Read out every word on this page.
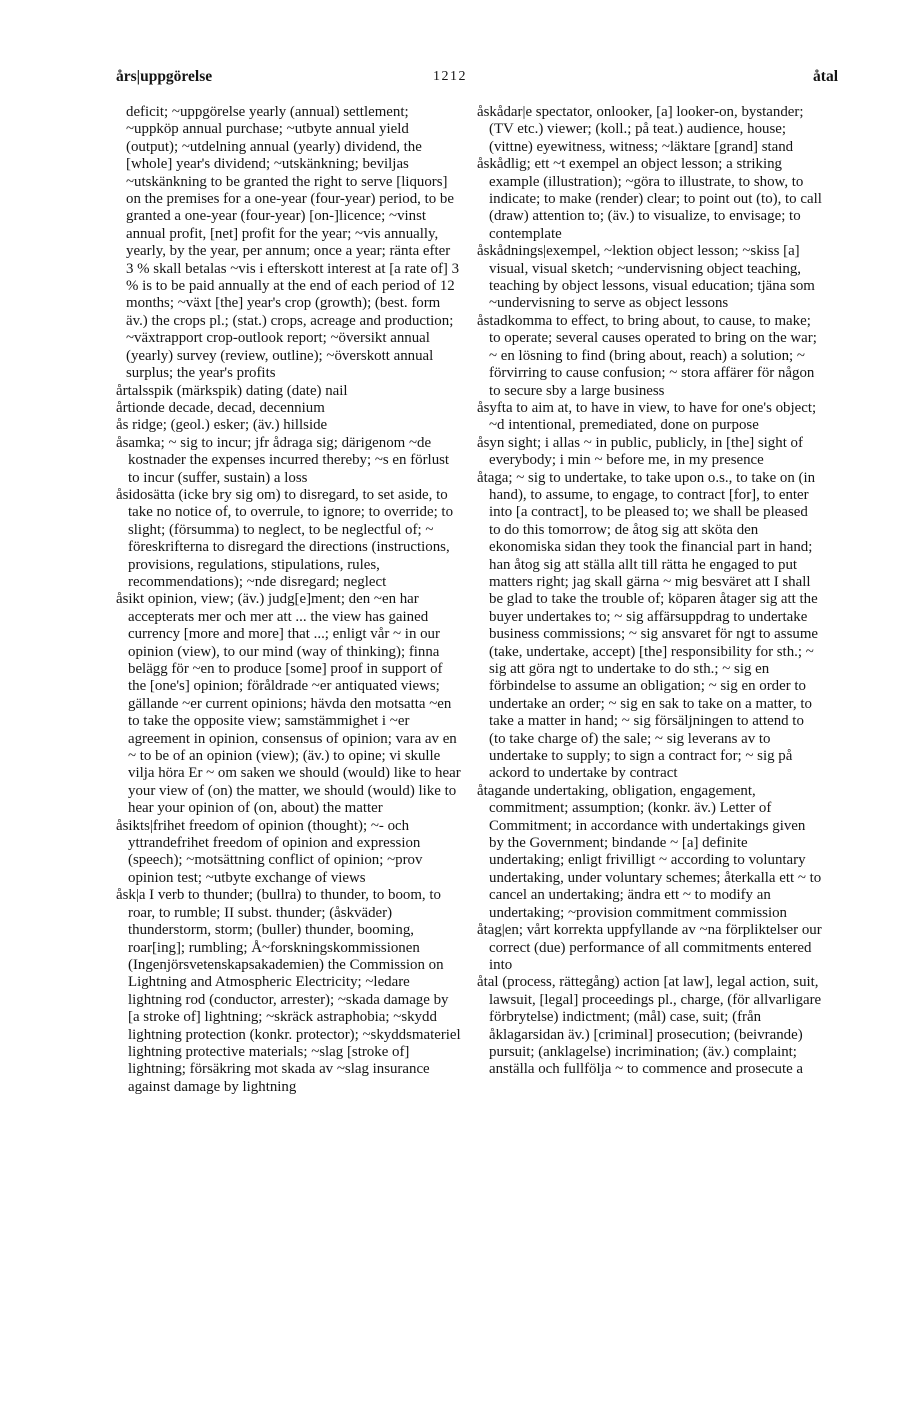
års|uppgörelse	1212	åtal

deficit; ~uppgörelse yearly (annual) settlement; ~uppköp annual purchase; ~utbyte annual yield (output); ~utdelning annual (yearly) dividend, the [whole] year's dividend; ~utskänkning; beviljas ~utskänkning to be granted the right to serve [liquors] on the premises for a one-year (four-year) period, to be granted a one-year (four-year) [on-]licence; ~vinst annual profit, [net] profit for the year; ~vis annually, yearly, by the year, per annum; once a year; ränta efter 3 % skall betalas ~vis i efterskott interest at [a rate of] 3 % is to be paid annually at the end of each period of 12 months; ~växt [the] year's crop (growth); (best. form äv.) the crops pl.; (stat.) crops, acreage and production; ~växtrapport crop-outlook report; ~översikt annual (yearly) survey (review, outline); ~överskott annual surplus; the year's profits

årtalsspik (märkspik) dating (date) nail

årtionde decade, decad, decennium

ås ridge; (geol.) esker; (äv.) hillside

åsamka; ~ sig to incur; jfr ådraga sig; därigenom ~de kostnader the expenses incurred thereby; ~s en förlust to incur (suffer, sustain) a loss

åsidosätta (icke bry sig om) to disregard, to set aside, to take no notice of, to overrule, to ignore; to override; to slight; (försumma) to neglect, to be neglectful of; ~ föreskrifterna to disregard the directions (instructions, provisions, regulations, stipulations, rules, recommendations); ~nde disregard; neglect

åsikt opinion, view; (äv.) judg[e]ment; den ~en har accepterats mer och mer att ... the view has gained currency [more and more] that ...; enligt vår ~ in our opinion (view), to our mind (way of thinking); finna belägg för ~en to produce [some] proof in support of the [one's] opinion; föråldrade ~er antiquated views; gällande ~er current opinions; hävda den motsatta ~en to take the opposite view; samstämmighet i ~er agreement in opinion, consensus of opinion; vara av en ~ to be of an opinion (view); (äv.) to opine; vi skulle vilja höra Er ~ om saken we should (would) like to hear your view of (on) the matter, we should (would) like to hear your opinion of (on, about) the matter

åsikts|frihet freedom of opinion (thought); ~- och yttrandefrihet freedom of opinion and expression (speech); ~motsättning conflict of opinion; ~prov opinion test; ~utbyte exchange of views

åsk|a I verb to thunder; (bullra) to thunder, to boom, to roar, to rumble; II subst. thunder; (åskväder) thunderstorm, storm; (buller) thunder, booming, roar[ing]; rumbling; Å~forskningskommissionen (Ingenjörsvetenskapsakademien) the Commission on Lightning and Atmospheric Electricity; ~ledare lightning rod (conductor, arrester); ~skada damage by [a stroke of] lightning; ~skräck astraphobia; ~skydd lightning protection (konkr. protector); ~skyddsmateriel lightning protective materials; ~slag [stroke of] lightning; försäkring mot skada av ~slag insurance against damage by lightning

åskådar|e spectator, onlooker, [a] looker-on, bystander; (TV etc.) viewer; (koll.; på teat.) audience, house; (vittne) eyewitness, witness; ~läktare [grand] stand

åskådlig; ett ~t exempel an object lesson; a striking example (illustration); ~göra to illustrate, to show, to indicate; to make (render) clear; to point out (to), to call (draw) attention to; (äv.) to visualize, to envisage; to contemplate

åskådnings|exempel, ~lektion object lesson; ~skiss [a] visual, visual sketch; ~undervisning object teaching, teaching by object lessons, visual education; tjäna som ~undervisning to serve as object lessons

åstadkomma to effect, to bring about, to cause, to make; to operate; several causes operated to bring on the war; ~ en lösning to find (bring about, reach) a solution; ~ förvirring to cause confusion; ~ stora affärer för någon to secure sby a large business

åsyfta to aim at, to have in view, to have for one's object; ~d intentional, premediated, done on purpose

åsyn sight; i allas ~ in public, publicly, in [the] sight of everybody; i min ~ before me, in my presence

åtaga; ~ sig to undertake, to take upon o.s., to take on (in hand), to assume, to engage, to contract [for], to enter into [a contract], to be pleased to; we shall be pleased to do this tomorrow; de åtog sig att sköta den ekonomiska sidan they took the financial part in hand; han åtog sig att ställa allt till rätta he engaged to put matters right; jag skall gärna ~ mig besväret att I shall be glad to take the trouble of; köparen åtager sig att the buyer undertakes to; ~ sig affärsuppdrag to undertake business commissions; ~ sig ansvaret för ngt to assume (take, undertake, accept) [the] responsibility for sth.; ~ sig att göra ngt to undertake to do sth.; ~ sig en förbindelse to assume an obligation; ~ sig en order to undertake an order; ~ sig en sak to take on a matter, to take a matter in hand; ~ sig försäljningen to attend to (to take charge of) the sale; ~ sig leverans av to undertake to supply; to sign a contract for; ~ sig på ackord to undertake by contract

åtagande undertaking, obligation, engagement, commitment; assumption; (konkr. äv.) Letter of Commitment; in accordance with undertakings given by the Government; bindande ~ [a] definite undertaking; enligt frivilligt ~ according to voluntary undertaking, under voluntary schemes; återkalla ett ~ to cancel an undertaking; ändra ett ~ to modify an undertaking; ~provision commitment commission

åtag|en; vårt korrekta uppfyllande av ~na förpliktelser our correct (due) performance of all commitments entered into

åtal (process, rättegång) action [at law], legal action, suit, lawsuit, [legal] proceedings pl., charge, (för allvarligare förbrytelse) indictment; (mål) case, suit; (från åklagarsidan äv.) [criminal] prosecution; (beivrande) pursuit; (anklagelse) incrimination; (äv.) complaint; anställa och fullfölja ~ to commence and prosecute a
